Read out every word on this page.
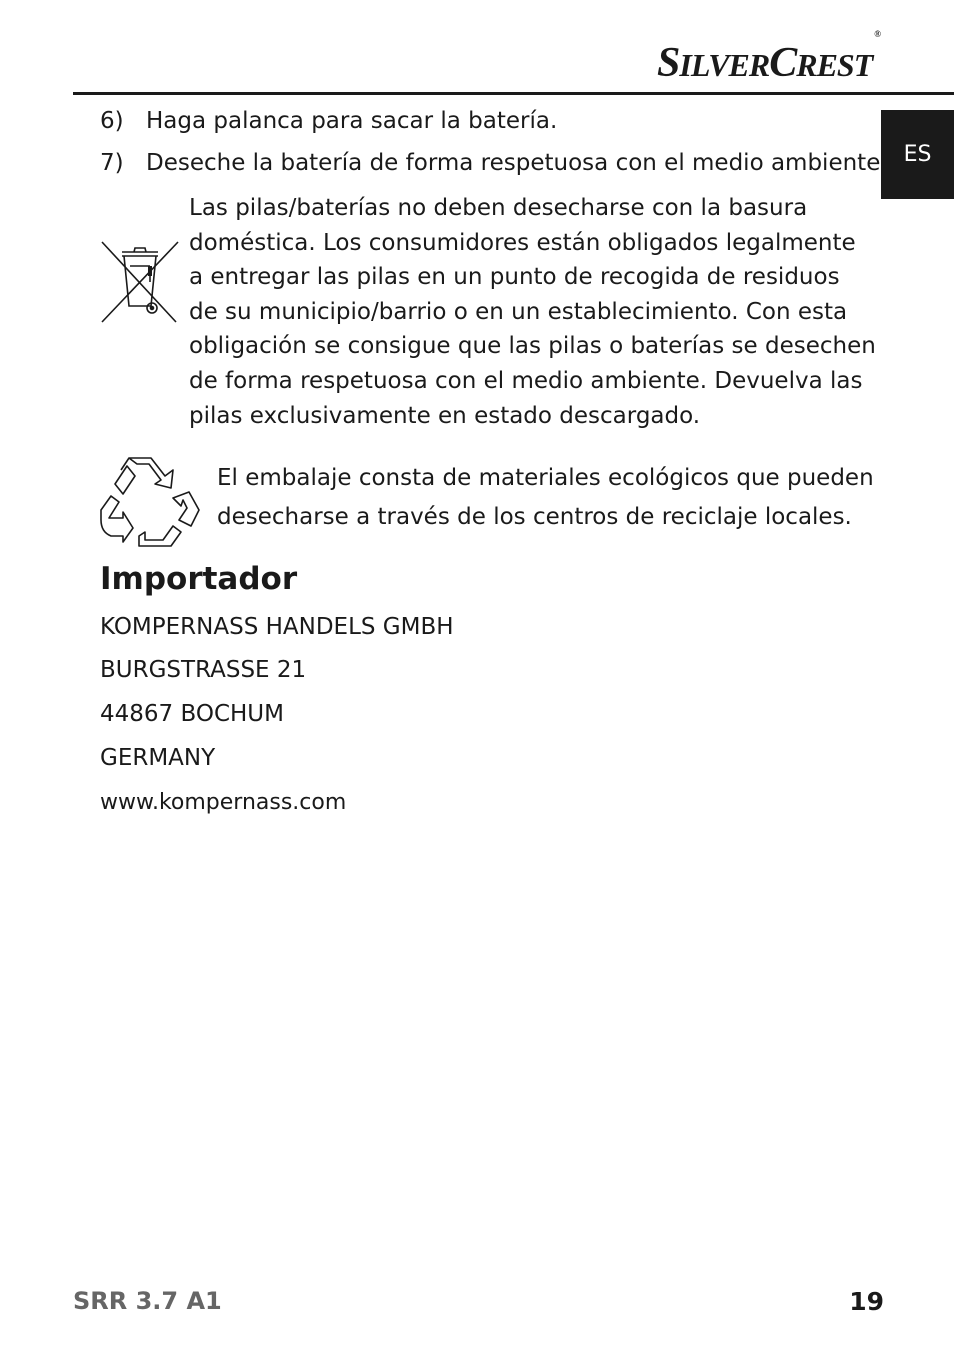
SILVERCREST®
ES
6) Haga palanca para sacar la batería.
7) Deseche la batería de forma respetuosa con el medio ambiente.
Las pilas/baterías no deben desecharse con la basura
doméstica. Los consumidores están obligados legalmente
a entregar las pilas en un punto de recogida de residuos
de su municipio/barrio o en un establecimiento. Con esta
obligación se consigue que las pilas o baterías se desechen
de forma respetuosa con el medio ambiente. Devuelva las
pilas exclusivamente en estado descargado.
El embalaje consta de materiales ecológicos que pueden
desecharse a través de los centros de reciclaje locales.
Importador
KOMPERNASS HANDELS GMBH
BURGSTRASSE 21
44867 BOCHUM
GERMANY
www.kompernass.com
SRR 3.7 A1	19
